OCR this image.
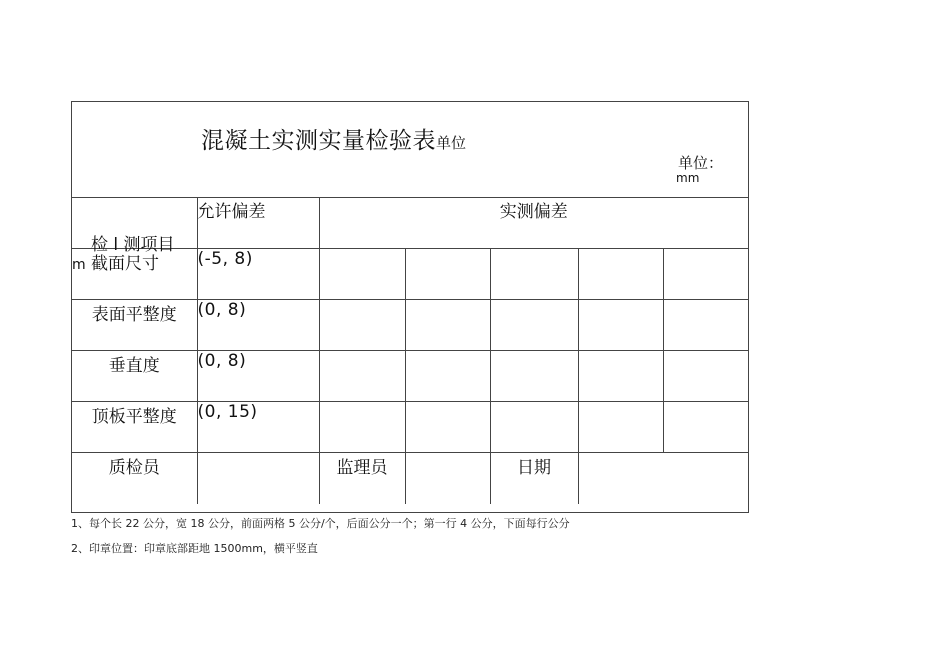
混凝土实测实量检验表单位
单位：
mm
检 l 测项目	允许偏差	实测偏差				
m 截面尺寸	(-5, 8)					
表面平整度	(0, 8)					
垂直度	(0, 8)					
顶板平整度	(0, 15)					
质检员		监理员		日期		
1、每个长 22 公分，宽 18 公分，前面两格 5 公分/个，后面公分一个；第一行 4 公分，下面每行公分
2、印章位置：印章底部距地 1500mm，横平竖直
